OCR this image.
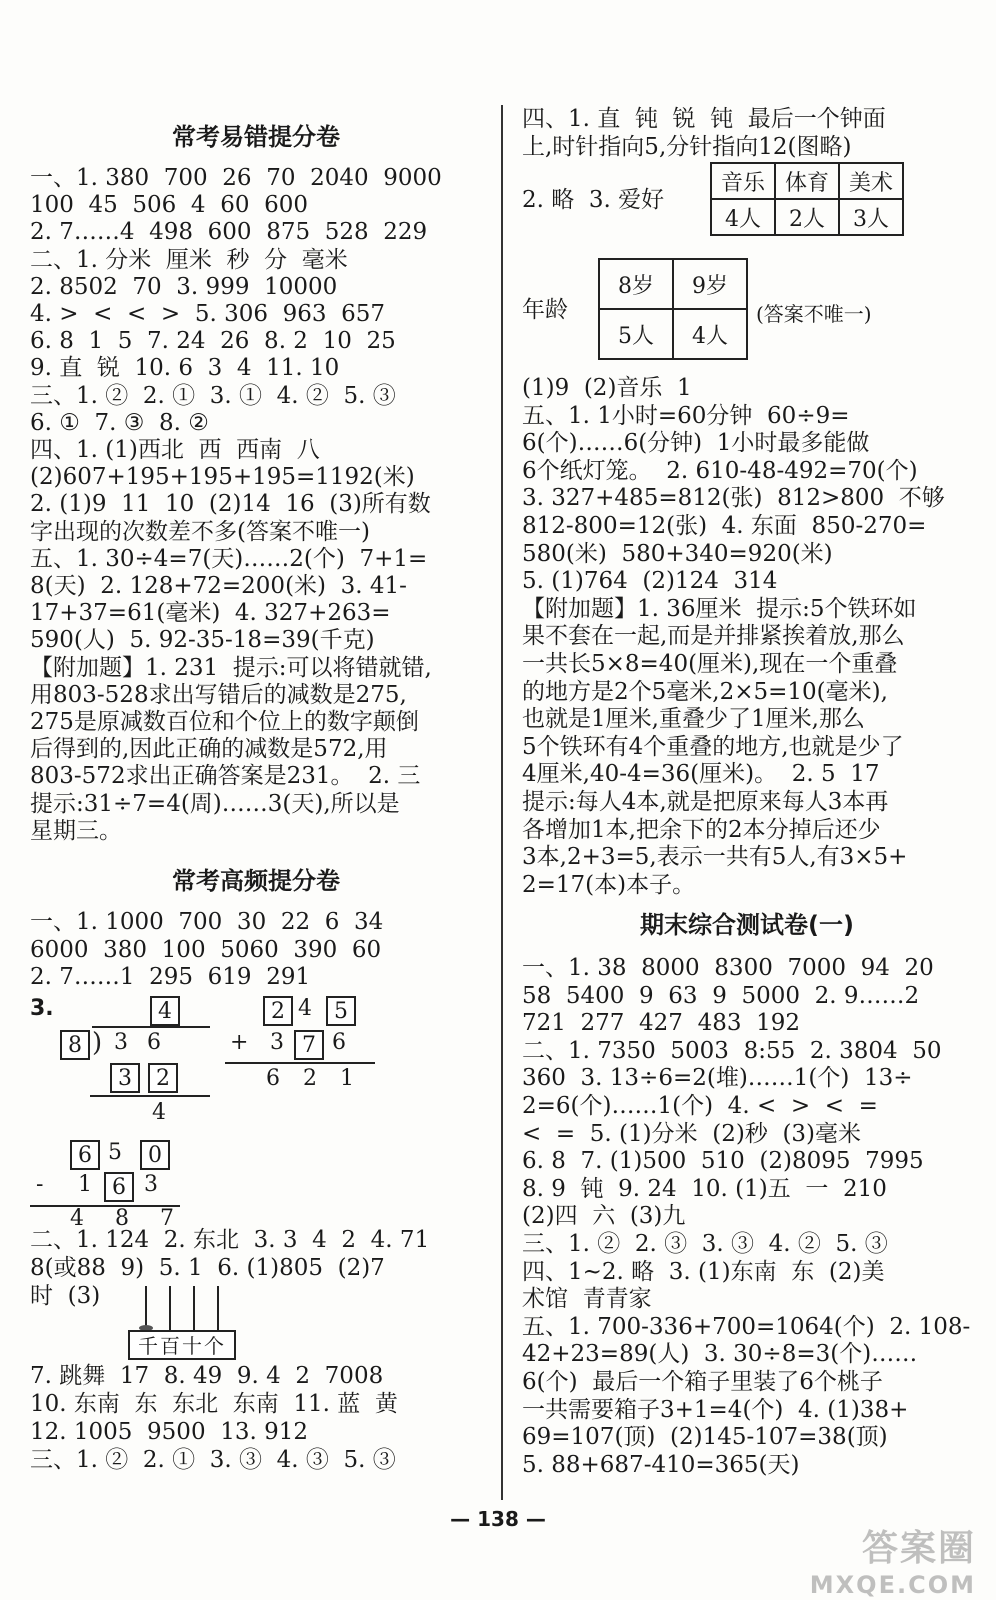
常考易错提分卷
一、1. 380  700  26  70  2040  9000
100  45  506  4  60  600
2. 7……4  498  600  875  528  229
二、1. 分米  厘米  秒  分  毫米
2. 8502  70  3. 999  10000
4. >  <  <  >  5. 306  963  657
6. 8  1  5  7. 24  26  8. 2  10  25
9. 直  锐  10. 6  3  4  11. 10
三、1. ②  2. ①  3. ①  4. ②  5. ③
6. ①  7. ③  8. ②
四、1. (1)西北  西  西南  八
(2)607+195+195+195=1192(米)
2. (1)9  11  10  (2)14  16  (3)所有数
字出现的次数差不多(答案不唯一)
五、1. 30÷4=7(天)……2(个)  7+1=
8(天)  2. 128+72=200(米)  3. 41-
17+37=61(毫米)  4. 327+263=
590(人)  5. 92-35-18=39(千克)
【附加题】1. 231  提示:可以将错就错,
用803-528求出写错后的减数是275,
275是原减数百位和个位上的数字颠倒
后得到的,因此正确的减数是572,用
803-572求出正确答案是231。  2. 三
提示:31÷7=4(周)……3(天),所以是
星期三。
常考高频提分卷
一、1. 1000  700  30  22  6  34
6000  380  100  5060  390  60
2. 7……1  295  619  291
3.	4
8 ) 3 6
3	2
4
2 4	5
+ 3 7 6
6 2 1
6 5	0
- 1 6 3
4 8 7
二、1. 124  2. 东北  3. 3  4  2  4. 71
8(或88  9)  5. 1  6. (1)805  (2)7
时  (3)
千百十个
7. 跳舞  17  8. 49  9. 4  2  7008
10. 东南  东  东北  东南  11. 蓝  黄
12. 1005  9500  13. 912
三、1. ②  2. ①  3. ③  4. ③  5. ③
四、1. 直  钝  锐  钝  最后一个钟面
上,时针指向5,分针指向12(图略)
2. 略  3. 爱好
音乐	体育	美术
4人	2人	3人
年龄
8岁	9岁
5人	4人
(答案不唯一)
(1)9  (2)音乐  1
五、1. 1小时=60分钟  60÷9=
6(个)……6(分钟)  1小时最多能做
6个纸灯笼。  2. 610-48-492=70(个)
3. 327+485=812(张)  812>800  不够
812-800=12(张)  4. 东面  850-270=
580(米)  580+340=920(米)
5. (1)764  (2)124  314
【附加题】1. 36厘米  提示:5个铁环如
果不套在一起,而是并排紧挨着放,那么
一共长5×8=40(厘米),现在一个重叠
的地方是2个5毫米,2×5=10(毫米),
也就是1厘米,重叠少了1厘米,那么
5个铁环有4个重叠的地方,也就是少了
4厘米,40-4=36(厘米)。  2. 5  17
提示:每人4本,就是把原来每人3本再
各增加1本,把余下的2本分掉后还少
3本,2+3=5,表示一共有5人,有3×5+
2=17(本)本子。
期末综合测试卷(一)
一、1. 38  8000  8300  7000  94  20
58  5400  9  63  9  5000  2. 9……2
721  277  427  483  192
二、1. 7350  5003  8:55  2. 3804  50
360  3. 13÷6=2(堆)……1(个)  13÷
2=6(个)……1(个)  4. <  >  <  =
<  =  5. (1)分米  (2)秒  (3)毫米
6. 8  7. (1)500  510  (2)8095  7995
8. 9  钝  9. 24  10. (1)五  一  210
(2)四  六  (3)九
三、1. ②  2. ③  3. ③  4. ②  5. ③
四、1~2. 略  3. (1)东南  东  (2)美
术馆  青青家
五、1. 700-336+700=1064(个)  2. 108-
42+23=89(人)  3. 30÷8=3(个)……
6(个)  最后一个箱子里装了6个桃子
一共需要箱子3+1=4(个)  4. (1)38+
69=107(顶)  (2)145-107=38(顶)
5. 88+687-410=365(天)
— 138 —
答案圈
MXQE.COM
